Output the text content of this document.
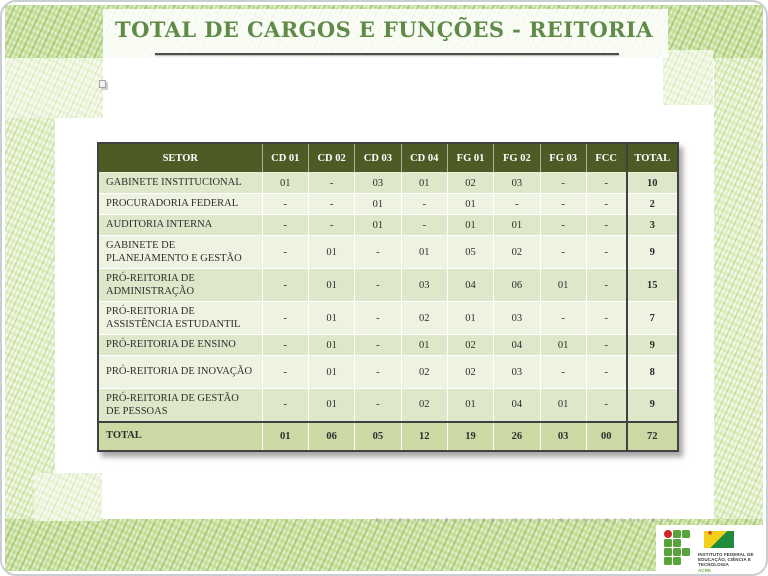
TOTAL DE CARGOS E FUNÇÕES - REITORIA
SETOR	CD 01	CD 02	CD 03	CD 04	FG 01	FG 02	FG 03	FCC	TOTAL
GABINETE INSTITUCIONAL	01	-	03	01	02	03	-	-	10
PROCURADORIA FEDERAL	-	-	01	-	01	-	-	-	2
AUDITORIA INTERNA	-	-	01	-	01	01	-	-	3
GABINETE DE PLANEJAMENTO E GESTÃO	-	01	-	01	05	02	-	-	9
PRÓ-REITORIA DE ADMINISTRAÇÃO	-	01	-	03	04	06	01	-	15
PRÓ-REITORIA DE ASSISTÊNCIA ESTUDANTIL	-	01	-	02	01	03	-	-	7
PRÓ-REITORIA DE ENSINO	-	01	-	01	02	04	01	-	9
PRÓ-REITORIA DE INOVAÇÃO	-	01	-	02	02	03	-	-	8
PRÓ-REITORIA DE GESTÃO DE PESSOAS	-	01	-	02	01	04	01	-	9
TOTAL	01	06	05	12	19	26	03	00	72
★
INSTITUTO FEDERAL DE
EDUCAÇÃO, CIÊNCIA E TECNOLOGIA
ACRE
